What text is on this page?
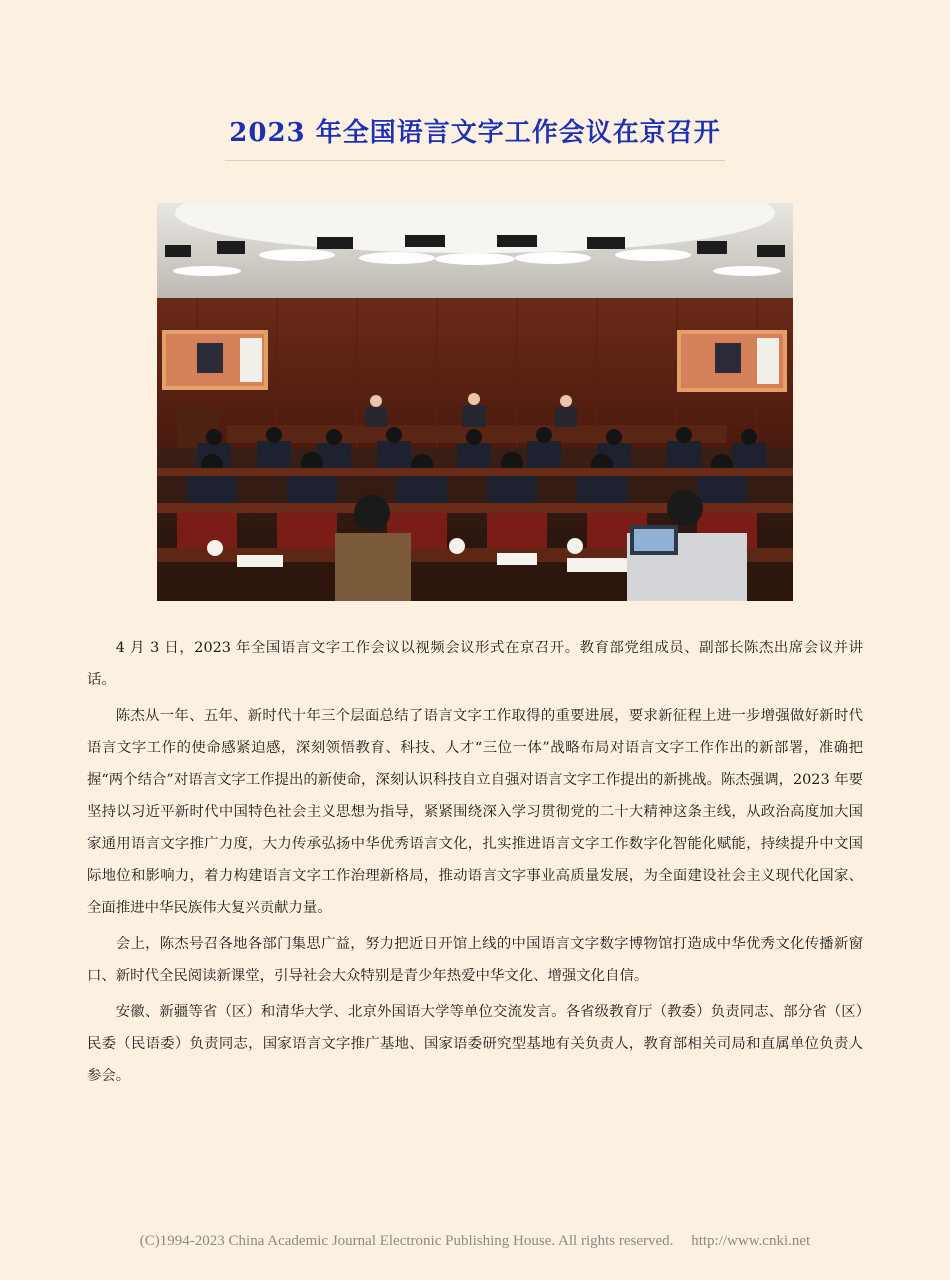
2023 年全国语言文字工作会议在京召开

4 月 3 日，2023 年全国语言文字工作会议以视频会议形式在京召开。教育部党组成员、副部长陈杰出席会议并讲话。

陈杰从一年、五年、新时代十年三个层面总结了语言文字工作取得的重要进展，要求新征程上进一步增强做好新时代语言文字工作的使命感紧迫感，深刻领悟教育、科技、人才“三位一体”战略布局对语言文字工作作出的新部署，准确把握“两个结合”对语言文字工作提出的新使命，深刻认识科技自立自强对语言文字工作提出的新挑战。陈杰强调，2023 年要坚持以习近平新时代中国特色社会主义思想为指导，紧紧围绕深入学习贯彻党的二十大精神这条主线，从政治高度加大国家通用语言文字推广力度，大力传承弘扬中华优秀语言文化，扎实推进语言文字工作数字化智能化赋能，持续提升中文国际地位和影响力，着力构建语言文字工作治理新格局，推动语言文字事业高质量发展，为全面建设社会主义现代化国家、全面推进中华民族伟大复兴贡献力量。

会上，陈杰号召各地各部门集思广益，努力把近日开馆上线的中国语言文字数字博物馆打造成中华优秀文化传播新窗口、新时代全民阅读新课堂，引导社会大众特别是青少年热爱中华文化、增强文化自信。

安徽、新疆等省（区）和清华大学、北京外国语大学等单位交流发言。各省级教育厅（教委）负责同志、部分省（区）民委（民语委）负责同志，国家语言文字推广基地、国家语委研究型基地有关负责人，教育部相关司局和直属单位负责人参会。

(C)1994-2023 China Academic Journal Electronic Publishing House. All rights reserved. http://www.cnki.net
